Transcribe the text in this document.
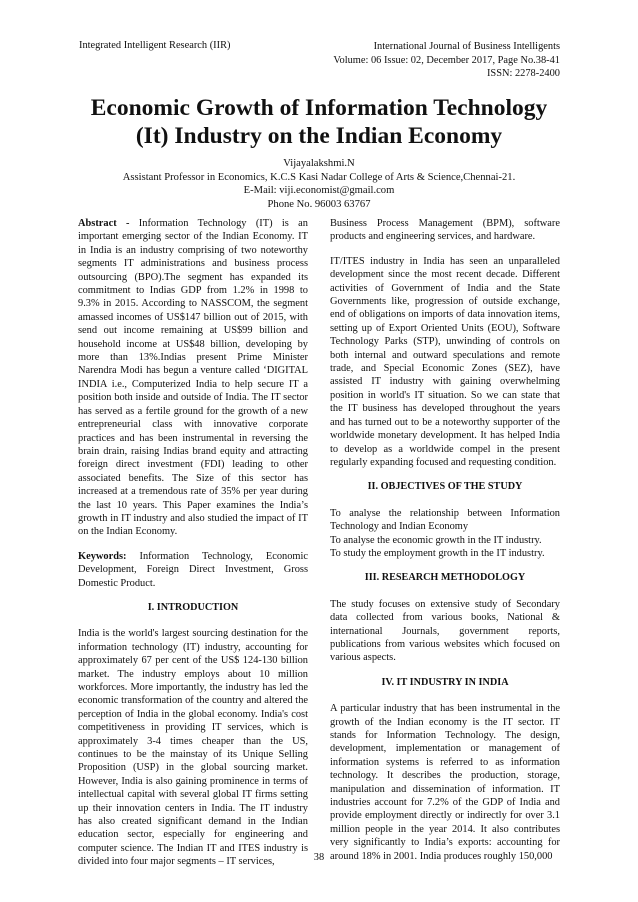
Integrated Intelligent Research (IIR)	International Journal of Business Intelligents
Volume: 06 Issue: 02, December 2017, Page No.38-41
ISSN: 2278-2400
Economic Growth of Information Technology
(It) Industry on the Indian Economy
Vijayalakshmi.N
Assistant Professor in Economics, K.C.S Kasi Nadar College of Arts & Science,Chennai-21.
E-Mail: viji.economist@gmail.com
Phone No. 96003 63767

Abstract - Information Technology (IT) is an important emerging sector of the Indian Economy. IT in India is an industry comprising of two noteworthy segments IT administrations and business process outsourcing (BPO).The segment has expanded its commitment to Indias GDP from 1.2% in 1998 to 9.3% in 2015. According to NASSCOM, the segment amassed incomes of US$147 billion out of 2015, with send out income remaining at US$99 billion and household income at US$48 billion, developing by more than 13%.Indias present Prime Minister Narendra Modi has begun a venture called ‘DIGITAL INDIA i.e., Computerized India to help secure IT a position both inside and outside of India. The IT sector has served as a fertile ground for the growth of a new entrepreneurial class with innovative corporate practices and has been instrumental in reversing the brain drain, raising Indias brand equity and attracting foreign direct investment (FDI) leading to other associated benefits. The Size of this sector has increased at a tremendous rate of 35% per year during the last 10 years. This Paper examines the India’s growth in IT industry and also studied the impact of IT on the Indian Economy.

Keywords: Information Technology, Economic Development, Foreign Direct Investment, Gross Domestic Product.

I. INTRODUCTION

India is the world's largest sourcing destination for the information technology (IT) industry, accounting for approximately 67 per cent of the US$ 124-130 billion market. The industry employs about 10 million workforces. More importantly, the industry has led the economic transformation of the country and altered the perception of India in the global economy. India's cost competitiveness in providing IT services, which is approximately 3-4 times cheaper than the US, continues to be the mainstay of its Unique Selling Proposition (USP) in the global sourcing market. However, India is also gaining prominence in terms of intellectual capital with several global IT firms setting up their innovation centers in India. The IT industry has also created significant demand in the Indian education sector, especially for engineering and computer science. The Indian IT and ITES industry is divided into four major segments – IT services,

Business Process Management (BPM), software products and engineering services, and hardware.

IT/ITES industry in India has seen an unparalleled development since the most recent decade. Different activities of Government of India and the State Governments like, progression of outside exchange, end of obligations on imports of data innovation items, setting up of Export Oriented Units (EOU), Software Technology Parks (STP), unwinding of controls on both internal and outward speculations and remote trade, and Special Economic Zones (SEZ), have assisted IT industry with gaining overwhelming position in world's IT situation. So we can state that the IT business has developed throughout the years and has turned out to be a noteworthy supporter of the worldwide monetary development. It has helped India to develop as a worldwide compel in the present regularly expanding focused and requesting condition.

II. OBJECTIVES OF THE STUDY

To analyse the relationship between Information Technology and Indian Economy

To analyse the economic growth in the IT industry.

To study the employment growth in the IT industry.

III. RESEARCH METHODOLOGY

The study focuses on extensive study of Secondary data collected from various books, National & international Journals, government reports, publications from various websites which focused on various aspects.

IV. IT INDUSTRY IN INDIA

A particular industry that has been instrumental in the growth of the Indian economy is the IT sector. IT stands for Information Technology. The design, development, implementation or management of information systems is referred to as information technology. It describes the production, storage, manipulation and dissemination of information. IT industries account for 7.2% of the GDP of India and provide employment directly or indirectly for over 3.1 million people in the year 2014. It also contributes very significantly to India’s exports: accounting for around 18% in 2001. India produces roughly 150,000

38
